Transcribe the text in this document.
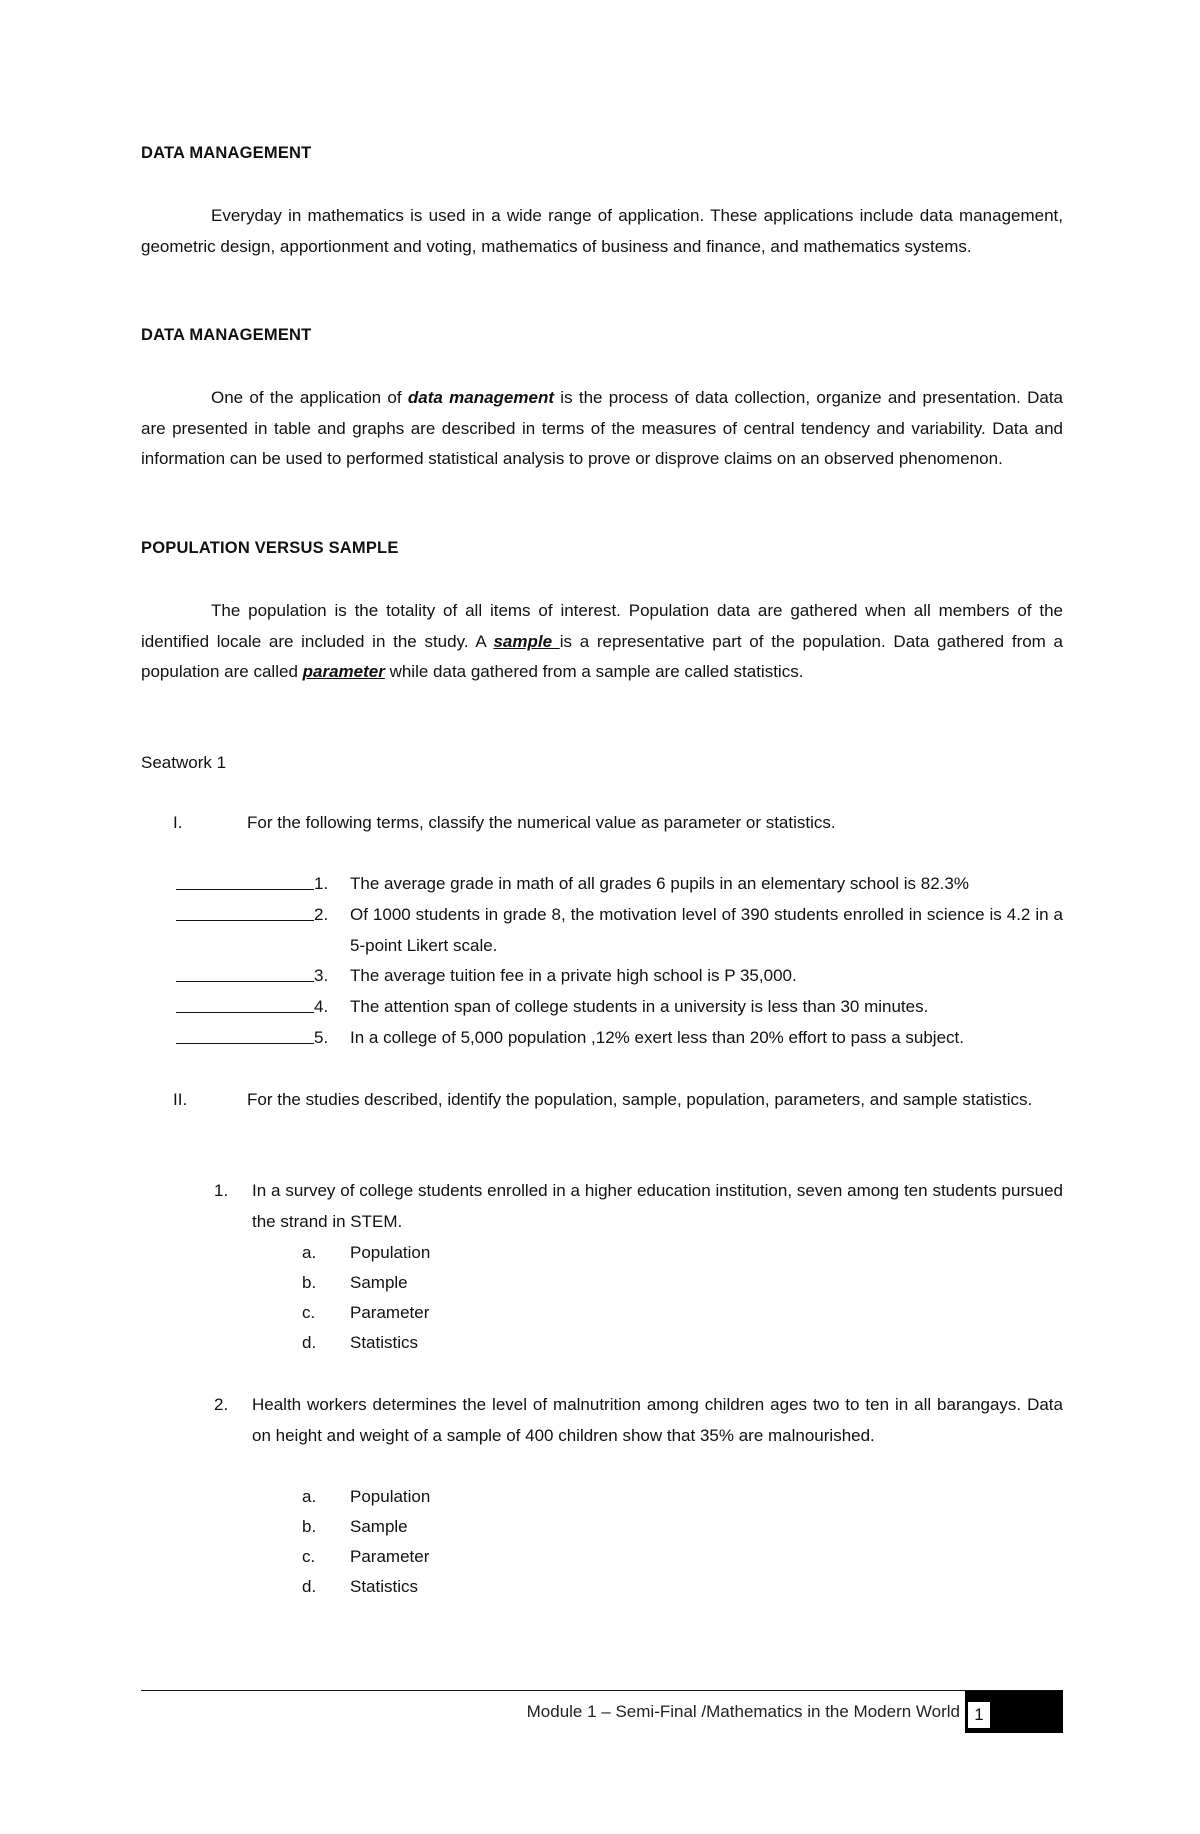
DATA MANAGEMENT
Everyday in mathematics is used in a wide range of application. These applications include data management, geometric design, apportionment and voting, mathematics of business and finance, and mathematics systems.
DATA MANAGEMENT
One of the application of data management is the process of data collection, organize and presentation. Data are presented in table and graphs are described in terms of the measures of central tendency and variability. Data and information can be used to performed statistical analysis to prove or disprove claims on an observed phenomenon.
POPULATION VERSUS SAMPLE
The population is the totality of all items of interest. Population data are gathered when all members of the identified locale are included in the study. A sample is a representative part of the population. Data gathered from a population are called parameter while data gathered from a sample are called statistics.
Seatwork 1
I.	For the following terms, classify the numerical value as parameter or statistics.
1.	The average grade in math of all grades 6 pupils in an elementary school is 82.3%
2.	Of 1000 students in grade 8, the motivation level of 390 students enrolled in science is 4.2 in a 5-point Likert scale.
3.	The average tuition fee in a private high school is P 35,000.
4.	The attention span of college students in a university is less than 30 minutes.
5.	In a college of 5,000 population ,12% exert less than 20% effort to pass a subject.
II.	For the studies described, identify the population, sample, population, parameters, and sample statistics.
1.	In a survey of college students enrolled in a higher education institution, seven among ten students pursued the strand in STEM.
a.	Population
b.	Sample
c.	Parameter
d.	Statistics
2.	Health workers determines the level of malnutrition among children ages two to ten in all barangays. Data on height and weight of a sample of 400 children show that 35% are malnourished.
a.	Population
b.	Sample
c.	Parameter
d.	Statistics
Module 1 – Semi-Final /Mathematics in the Modern World 1
